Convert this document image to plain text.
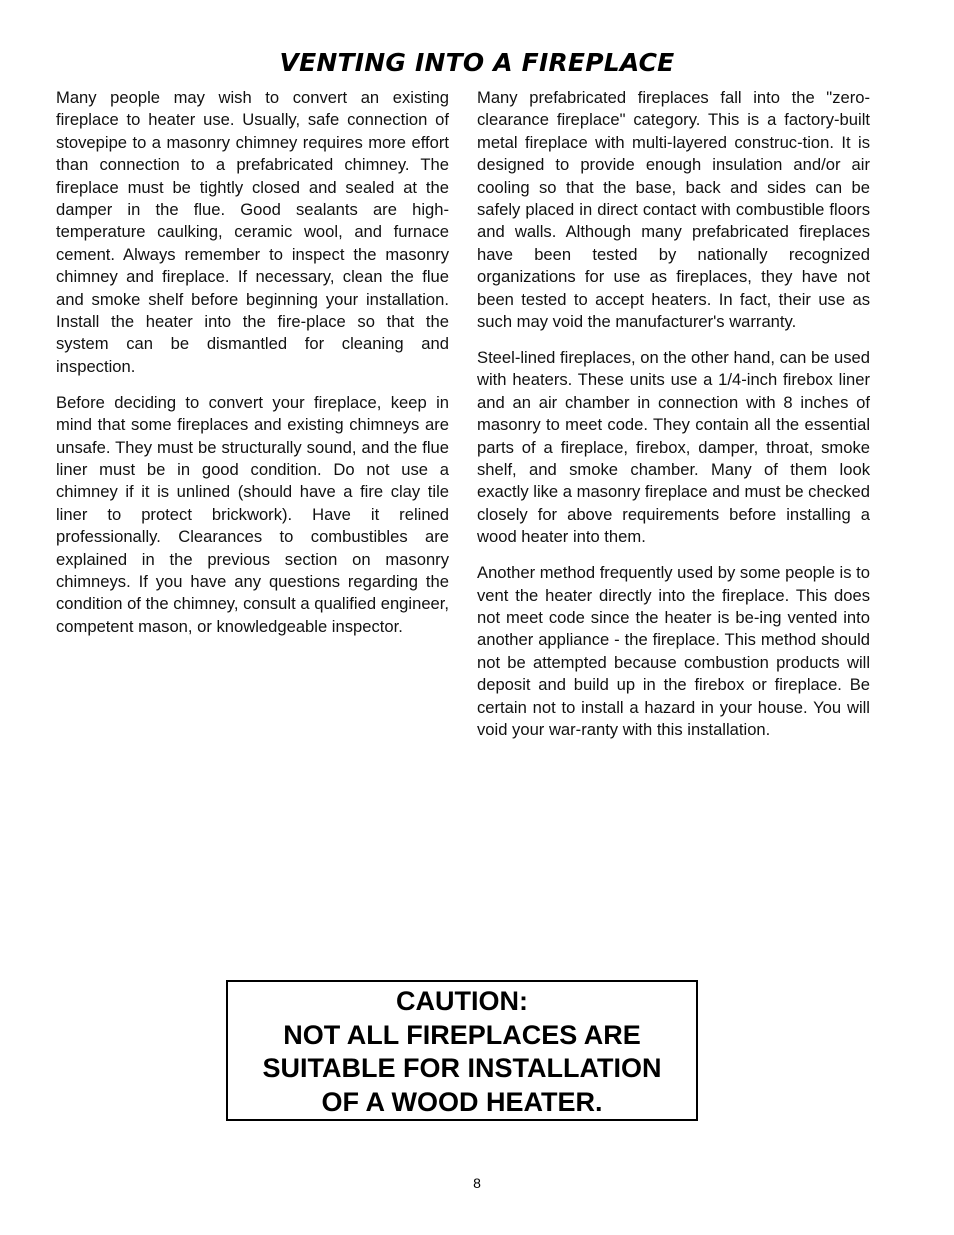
VENTING INTO A FIREPLACE

Many people may wish to convert an existing fireplace to heater use. Usually, safe connection of stovepipe to a masonry chimney requires more effort than connection to a prefabricated chimney. The fireplace must be tightly closed and sealed at the damper in the flue. Good sealants are high-temperature caulking, ceramic wool, and furnace cement. Always remember to inspect the masonry chimney and fireplace. If necessary, clean the flue and smoke shelf before beginning your installation. Install the heater into the fire-place so that the system can be dismantled for cleaning and inspection.

Before deciding to convert your fireplace, keep in mind that some fireplaces and existing chimneys are unsafe. They must be structurally sound, and the flue liner must be in good condition. Do not use a chimney if it is unlined (should have a fire clay tile liner to protect brickwork). Have it relined professionally. Clearances to combustibles are explained in the previous section on masonry chimneys. If you have any questions regarding the condition of the chimney, consult a qualified engineer, competent mason, or knowledgeable inspector.

Many prefabricated fireplaces fall into the "zero-clearance fireplace" category. This is a factory-built metal fireplace with multi-layered construc-tion. It is designed to provide enough insulation and/or air cooling so that the base, back and sides can be safely placed in direct contact with combustible floors and walls. Although many prefabricated fireplaces have been tested by nationally recognized organizations for use as fireplaces, they have not been tested to accept heaters. In fact, their use as such may void the manufacturer's warranty.

Steel-lined fireplaces, on the other hand, can be used with heaters. These units use a 1/4-inch firebox liner and an air chamber in connection with 8 inches of masonry to meet code. They contain all the essential parts of a fireplace, firebox, damper, throat, smoke shelf, and smoke chamber. Many of them look exactly like a masonry fireplace and must be checked closely for above requirements before installing a wood heater into them.

Another method frequently used by some people is to vent the heater directly into the fireplace. This does not meet code since the heater is be-ing vented into another appliance - the fireplace. This method should not be attempted because combustion products will deposit and build up in the firebox or fireplace. Be certain not to install a hazard in your house. You will void your war-ranty with this installation.

CAUTION:
NOT ALL FIREPLACES ARE
SUITABLE FOR INSTALLATION
OF A WOOD HEATER.
8
